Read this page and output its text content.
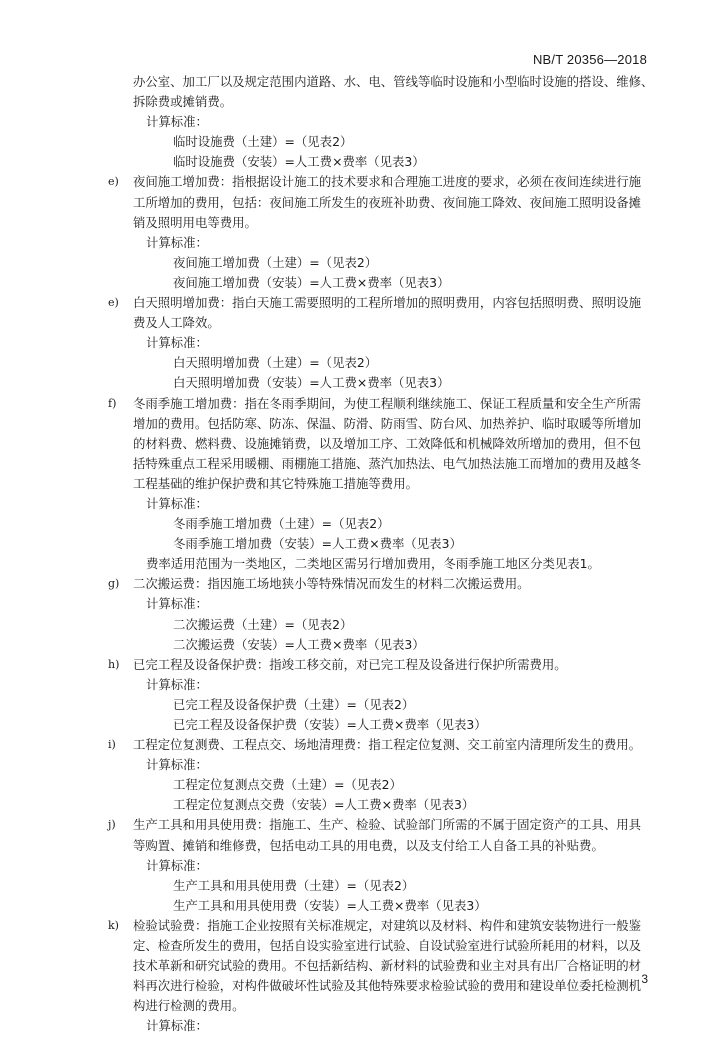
NB/T 20356—2018
办公室、加工厂以及规定范围内道路、水、电、管线等临时设施和小型临时设施的搭设、维修、
拆除费或摊销费。
计算标准：
临时设施费（土建）=（见表2）
临时设施费（安装）=人工费×费率（见表3）
e) 夜间施工增加费：指根据设计施工的技术要求和合理施工进度的要求，必须在夜间连续进行施
工所增加的费用，包括：夜间施工所发生的夜班补助费、夜间施工降效、夜间施工照明设备摊
销及照明用电等费用。
计算标准：
夜间施工增加费（土建）=（见表2）
夜间施工增加费（安装）=人工费×费率（见表3）
e) 白天照明增加费：指白天施工需要照明的工程所增加的照明费用，内容包括照明费、照明设施
费及人工降效。
计算标准：
白天照明增加费（土建）=（见表2）
白天照明增加费（安装）=人工费×费率（见表3）
f) 冬雨季施工增加费：指在冬雨季期间，为使工程顺利继续施工、保证工程质量和安全生产所需
增加的费用。包括防寒、防冻、保温、防滑、防雨雪、防台风、加热养护、临时取暖等所增加
的材料费、燃料费、设施摊销费，以及增加工序、工效降低和机械降效所增加的费用，但不包
括特殊重点工程采用暖棚、雨棚施工措施、蒸汽加热法、电气加热法施工而增加的费用及越冬
工程基础的维护保护费和其它特殊施工措施等费用。
计算标准：
冬雨季施工增加费（土建）=（见表2）
冬雨季施工增加费（安装）=人工费×费率（见表3）
费率适用范围为一类地区，二类地区需另行增加费用，冬雨季施工地区分类见表1。
g) 二次搬运费：指因施工场地狭小等特殊情况而发生的材料二次搬运费用。
计算标准：
二次搬运费（土建）=（见表2）
二次搬运费（安装）=人工费×费率（见表3）
h) 已完工程及设备保护费：指竣工移交前，对已完工程及设备进行保护所需费用。
计算标准：
已完工程及设备保护费（土建）=（见表2）
已完工程及设备保护费（安装）=人工费×费率（见表3）
i) 工程定位复测费、工程点交、场地清理费：指工程定位复测、交工前室内清理所发生的费用。
计算标准：
工程定位复测点交费（土建）=（见表2）
工程定位复测点交费（安装）=人工费×费率（见表3）
j) 生产工具和用具使用费：指施工、生产、检验、试验部门所需的不属于固定资产的工具、用具
等购置、摊销和维修费，包括电动工具的用电费，以及支付给工人自备工具的补贴费。
计算标准：
生产工具和用具使用费（土建）=（见表2）
生产工具和用具使用费（安装）=人工费×费率（见表3）
k) 检验试验费：指施工企业按照有关标准规定，对建筑以及材料、构件和建筑安装物进行一般鉴
定、检查所发生的费用，包括自设实验室进行试验、自设试验室进行试验所耗用的材料，以及
技术革新和研究试验的费用。不包括新结构、新材料的试验费和业主对具有出厂合格证明的材
料再次进行检验，对构件做破坏性试验及其他特殊要求检验试验的费用和建设单位委托检测机
构进行检测的费用。
计算标准：
3
